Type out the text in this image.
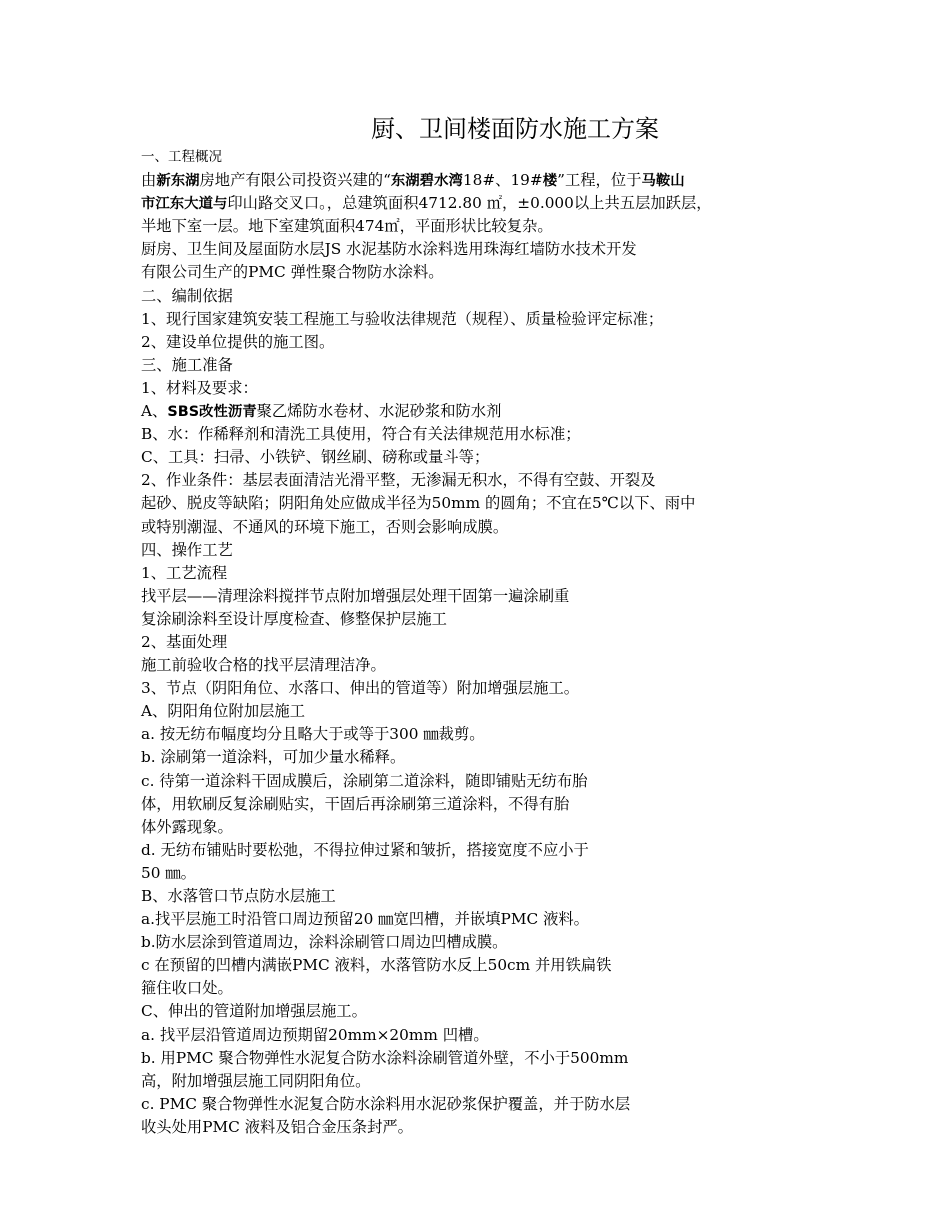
厨、卫间楼面防水施工方案
一、工程概况
由新东湖房地产有限公司投资兴建的“东湖碧水湾18#、19#楼”工程，位于马鞍山
市江东大道与印山路交叉口。，总建筑面积4712.80 ㎡，±0.000以上共五层加跃层，
半地下室一层。地下室建筑面积474㎡，平面形状比较复杂。
厨房、卫生间及屋面防水层JS 水泥基防水涂料选用珠海红墙防水技术开发
有限公司生产的PMC 弹性聚合物防水涂料。
二、编制依据
1、现行国家建筑安装工程施工与验收法律规范（规程）、质量检验评定标准；
2、建设单位提供的施工图。
三、施工准备
1、材料及要求：
A、SBS改性沥青聚乙烯防水卷材、水泥砂浆和防水剂
B、水：作稀释剂和清洗工具使用，符合有关法律规范用水标准；
C、工具：扫帚、小铁铲、钢丝刷、磅称或量斗等；
2、作业条件：基层表面清洁光滑平整，无渗漏无积水，不得有空鼓、开裂及
起砂、脱皮等缺陷；阴阳角处应做成半径为50mm 的圆角；不宜在5℃以下、雨中
或特别潮湿、不通风的环境下施工，否则会影响成膜。
四、操作工艺
1、工艺流程
找平层——清理涂料搅拌节点附加增强层处理干固第一遍涂刷重
复涂刷涂料至设计厚度检查、修整保护层施工
2、基面处理
施工前验收合格的找平层清理洁净。
3、节点（阴阳角位、水落口、伸出的管道等）附加增强层施工。
A、阴阳角位附加层施工
a. 按无纺布幅度均分且略大于或等于300 ㎜裁剪。
b. 涂刷第一道涂料，可加少量水稀释。
c. 待第一道涂料干固成膜后，涂刷第二道涂料，随即铺贴无纺布胎
体，用软刷反复涂刷贴实，干固后再涂刷第三道涂料，不得有胎
体外露现象。
d. 无纺布铺贴时要松弛，不得拉伸过紧和皱折，搭接宽度不应小于
50 ㎜。
B、水落管口节点防水层施工
a.找平层施工时沿管口周边预留20 ㎜宽凹槽，并嵌填PMC 液料。
b.防水层涂到管道周边，涂料涂刷管口周边凹槽成膜。
c 在预留的凹槽内满嵌PMC 液料，水落管防水反上50cm 并用铁扁铁
箍住收口处。
C、伸出的管道附加增强层施工。
a. 找平层沿管道周边预期留20mm×20mm 凹槽。
b. 用PMC 聚合物弹性水泥复合防水涂料涂刷管道外壁，不小于500mm
高，附加增强层施工同阴阳角位。
c. PMC 聚合物弹性水泥复合防水涂料用水泥砂浆保护覆盖，并于防水层
收头处用PMC 液料及铝合金压条封严。
